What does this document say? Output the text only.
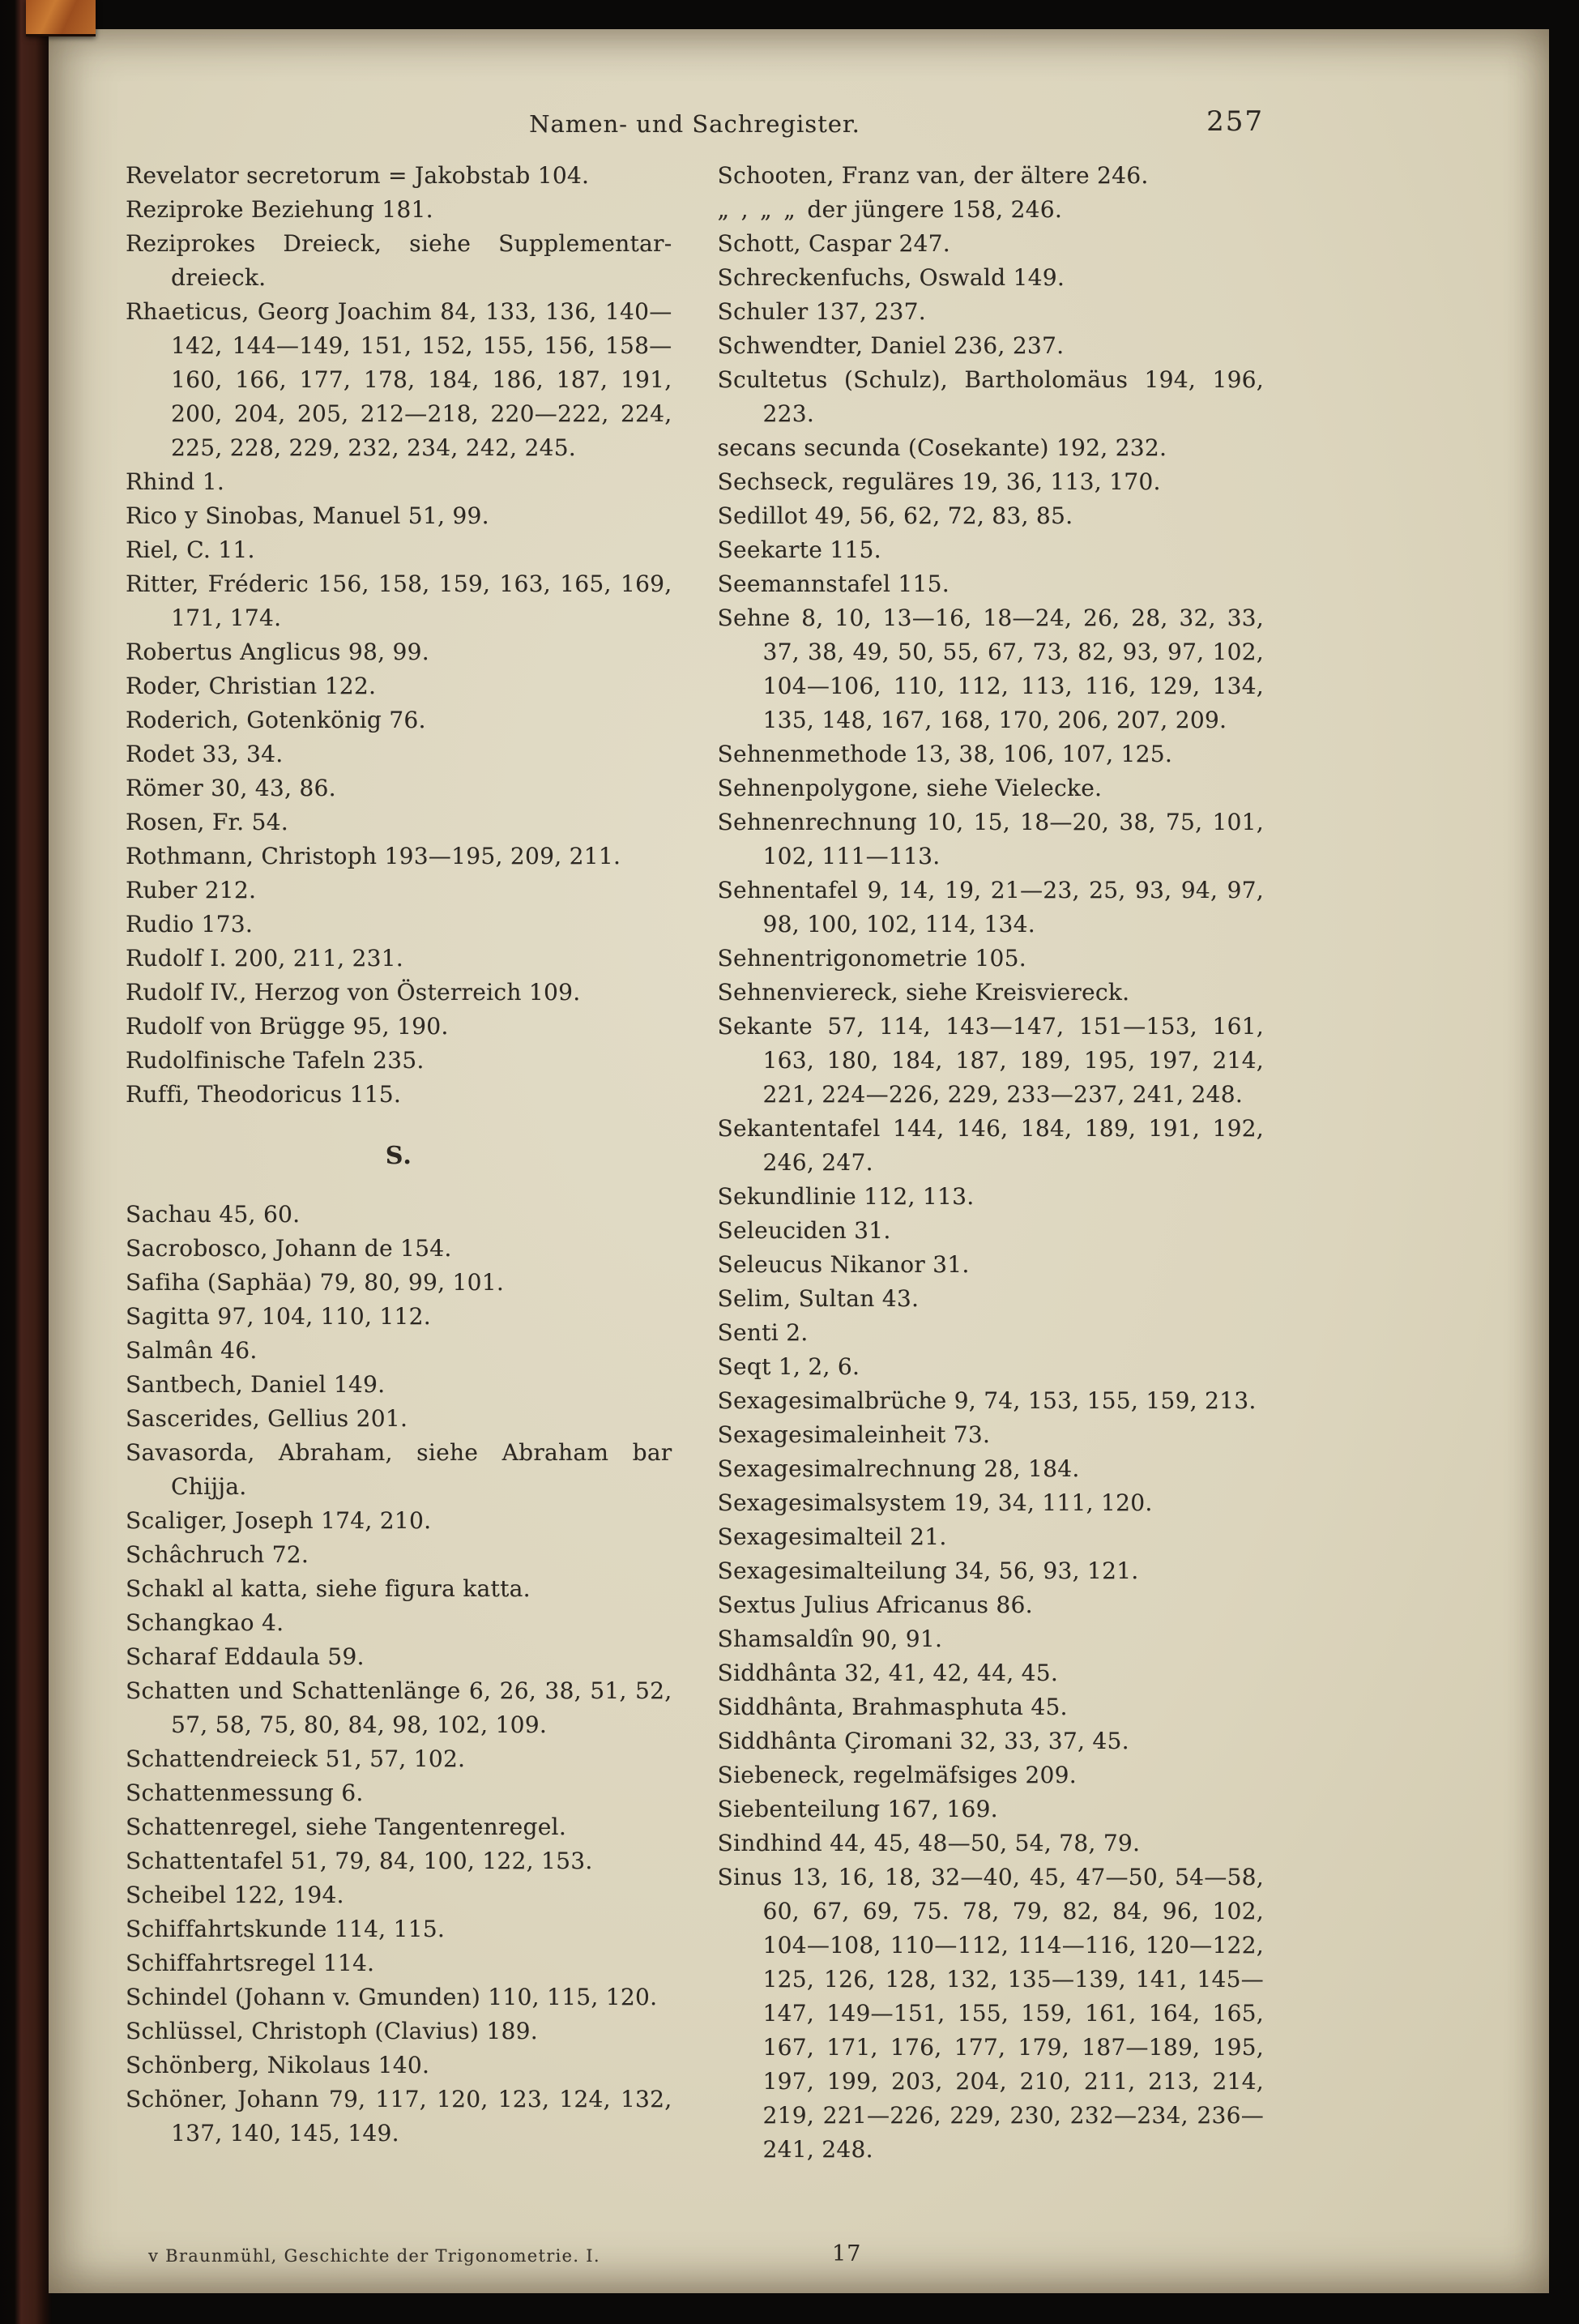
Namen- und Sachregister.	257

Revelator secretorum = Jakobstab 104.

Reziproke Beziehung 181.

Reziprokes Dreieck, siehe Supplementar-dreieck.

Rhaeticus, Georg Joachim 84, 133, 136, 140—142, 144—149, 151, 152, 155, 156, 158—160, 166, 177, 178, 184, 186, 187, 191, 200, 204, 205, 212—218, 220—222, 224, 225, 228, 229, 232, 234, 242, 245.

Rhind 1.

Rico y Sinobas, Manuel 51, 99.

Riel, C. 11.

Ritter, Fréderic 156, 158, 159, 163, 165, 169, 171, 174.

Robertus Anglicus 98, 99.

Roder, Christian 122.

Roderich, Gotenkönig 76.

Rodet 33, 34.

Römer 30, 43, 86.

Rosen, Fr. 54.

Rothmann, Christoph 193—195, 209, 211.

Ruber 212.

Rudio 173.

Rudolf I. 200, 211, 231.

Rudolf IV., Herzog von Österreich 109.

Rudolf von Brügge 95, 190.

Rudolfinische Tafeln 235.

Ruffi, Theodoricus 115.

S.

Sachau 45, 60.

Sacrobosco, Johann de 154.

Safiha (Saphäa) 79, 80, 99, 101.

Sagitta 97, 104, 110, 112.

Salmân 46.

Santbech, Daniel 149.

Sascerides, Gellius 201.

Savasorda, Abraham, siehe Abraham bar Chijja.

Scaliger, Joseph 174, 210.

Schâchruch 72.

Schakl al katta, siehe figura katta.

Schangkao 4.

Scharaf Eddaula 59.

Schatten und Schattenlänge 6, 26, 38, 51, 52, 57, 58, 75, 80, 84, 98, 102, 109.

Schattendreieck 51, 57, 102.

Schattenmessung 6.

Schattenregel, siehe Tangentenregel.

Schattentafel 51, 79, 84, 100, 122, 153.

Scheibel 122, 194.

Schiffahrtskunde 114, 115.

Schiffahrtsregel 114.

Schindel (Johann v. Gmunden) 110, 115, 120.

Schlüssel, Christoph (Clavius) 189.

Schönberg, Nikolaus 140.

Schöner, Johann 79, 117, 120, 123, 124, 132, 137, 140, 145, 149.

Schooten, Franz van, der ältere 246.

„ , „ „ der jüngere 158, 246.

Schott, Caspar 247.

Schreckenfuchs, Oswald 149.

Schuler 137, 237.

Schwendter, Daniel 236, 237.

Scultetus (Schulz), Bartholomäus 194, 196, 223.

secans secunda (Cosekante) 192, 232.

Sechseck, reguläres 19, 36, 113, 170.

Sedillot 49, 56, 62, 72, 83, 85.

Seekarte 115.

Seemannstafel 115.

Sehne 8, 10, 13—16, 18—24, 26, 28, 32, 33, 37, 38, 49, 50, 55, 67, 73, 82, 93, 97, 102, 104—106, 110, 112, 113, 116, 129, 134, 135, 148, 167, 168, 170, 206, 207, 209.

Sehnenmethode 13, 38, 106, 107, 125.

Sehnenpolygone, siehe Vielecke.

Sehnenrechnung 10, 15, 18—20, 38, 75, 101, 102, 111—113.

Sehnentafel 9, 14, 19, 21—23, 25, 93, 94, 97, 98, 100, 102, 114, 134.

Sehnentrigonometrie 105.

Sehnenviereck, siehe Kreisviereck.

Sekante 57, 114, 143—147, 151—153, 161, 163, 180, 184, 187, 189, 195, 197, 214, 221, 224—226, 229, 233—237, 241, 248.

Sekantentafel 144, 146, 184, 189, 191, 192, 246, 247.

Sekundlinie 112, 113.

Seleuciden 31.

Seleucus Nikanor 31.

Selim, Sultan 43.

Senti 2.

Seqt 1, 2, 6.

Sexagesimalbrüche 9, 74, 153, 155, 159, 213.

Sexagesimaleinheit 73.

Sexagesimalrechnung 28, 184.

Sexagesimalsystem 19, 34, 111, 120.

Sexagesimalteil 21.

Sexagesimalteilung 34, 56, 93, 121.

Sextus Julius Africanus 86.

Shamsaldîn 90, 91.

Siddhânta 32, 41, 42, 44, 45.

Siddhânta, Brahmasphuta 45.

Siddhânta Çiromani 32, 33, 37, 45.

Siebeneck, regelmäfsiges 209.

Siebenteilung 167, 169.

Sindhind 44, 45, 48—50, 54, 78, 79.

Sinus 13, 16, 18, 32—40, 45, 47—50, 54—58, 60, 67, 69, 75. 78, 79, 82, 84, 96, 102, 104—108, 110—112, 114—116, 120—122, 125, 126, 128, 132, 135—139, 141, 145—147, 149—151, 155, 159, 161, 164, 165, 167, 171, 176, 177, 179, 187—189, 195, 197, 199, 203, 204, 210, 211, 213, 214, 219, 221—226, 229, 230, 232—234, 236—241, 248.

v Braunmühl, Geschichte der Trigonometrie. I.	17
